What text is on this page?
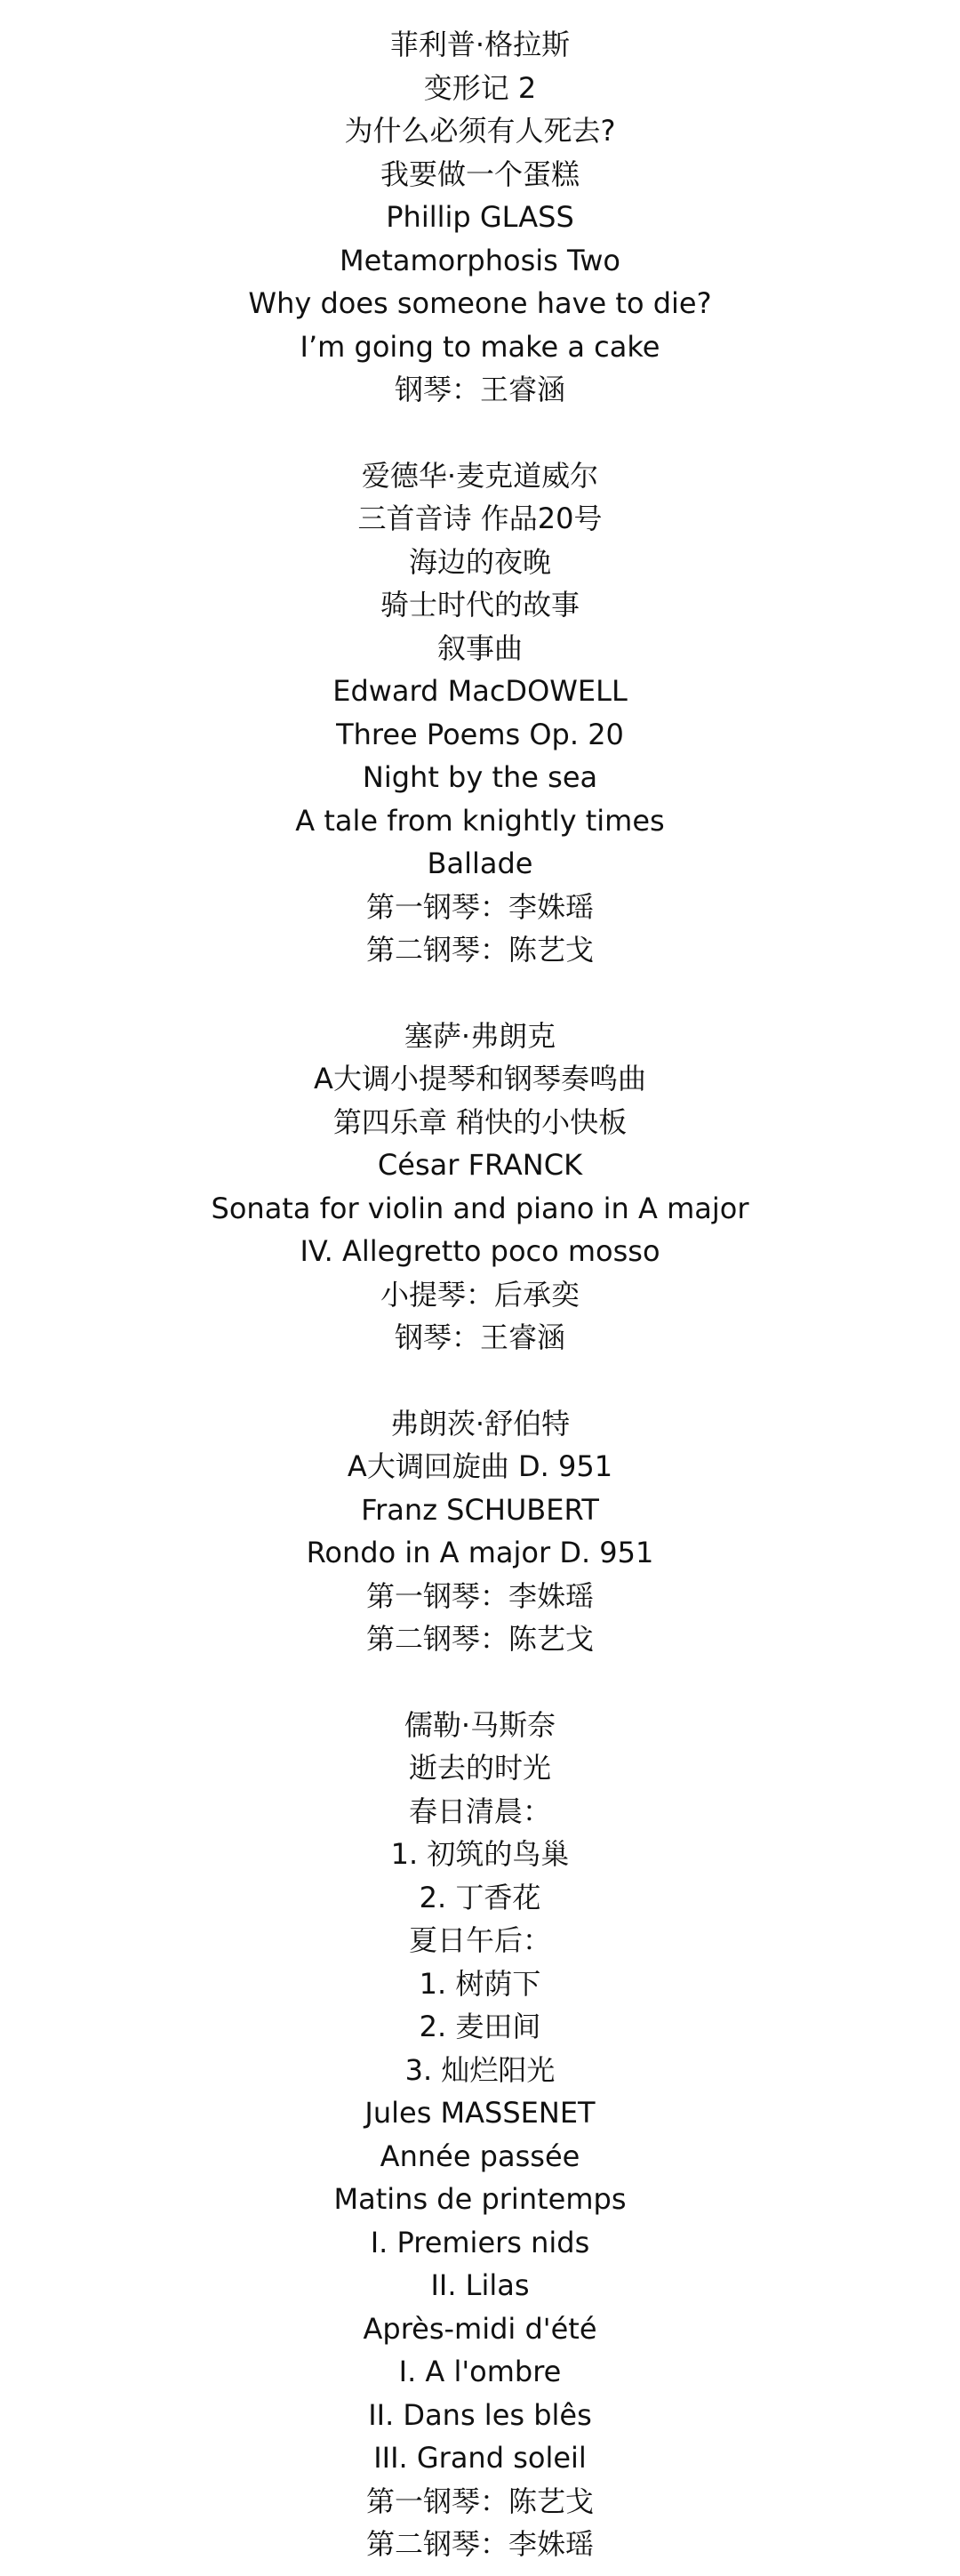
菲利普·格拉斯
变形记 2
为什么必须有人死去?
我要做一个蛋糕
Phillip GLASS
Metamorphosis Two
Why does someone have to die?
I’m going to make a cake
钢琴：王睿涵
爱德华·麦克道威尔
三首音诗 作品20号
海边的夜晚
骑士时代的故事
叙事曲
Edward MacDOWELL
Three Poems Op. 20
Night by the sea
A tale from knightly times
Ballade
第一钢琴：李姝瑶
第二钢琴：陈艺戈
塞萨·弗朗克
A大调小提琴和钢琴奏鸣曲
第四乐章 稍快的小快板
César FRANCK
Sonata for violin and piano in A major
IV. Allegretto poco mosso
小提琴：后承奕
钢琴：王睿涵
弗朗茨·舒伯特
A大调回旋曲 D. 951
Franz SCHUBERT
Rondo in A major D. 951
第一钢琴：李姝瑶
第二钢琴：陈艺戈
儒勒·马斯奈
逝去的时光
春日清晨：
1. 初筑的鸟巢
2. 丁香花
夏日午后：
1. 树荫下
2. 麦田间
3. 灿烂阳光
Jules MASSENET
Année passée
Matins de printemps
I. Premiers nids
II. Lilas
Après-midi d'été
I. A l'ombre
II. Dans les blês
III. Grand soleil
第一钢琴：陈艺戈
第二钢琴：李姝瑶
